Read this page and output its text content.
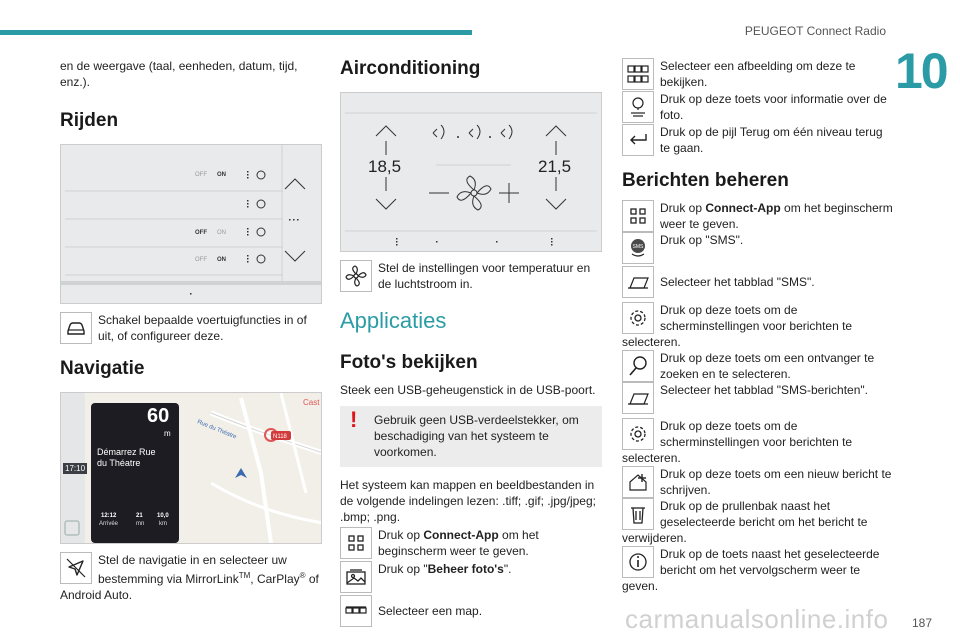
PEUGEOT Connect Radio
10
187
carmanualsonline.info

en de weergave (taal, eenheden, datum, tijd, enz.).

Rijden
OFF ON
OFF ON
OFF ON
Schakel bepaalde voertuigfuncties in of uit, of configureer deze.
Navigatie
N118
Rue du Théatre
Cast
60
m
Démarrez Rue
du Théatre
17:10
12:12
Arrivée
21
mn
10,0
km
Stel de navigatie in en selecteer uw bestemming via MirrorLink™, CarPlay® of Android Auto.
Airconditioning
18,5	21,5
Stel de instellingen voor temperatuur en de luchtstroom in.
Applicaties
Foto's bekijken

Steek een USB-geheugenstick in de USB-poort.

! Gebruik geen USB-verdeelstekker, om beschadiging van het systeem te voorkomen.

Het systeem kan mappen en beeldbestanden in de volgende indelingen lezen: .tiff; .gif; .jpg/jpeg; .bmp; .png.

Druk op Connect-App om het beginscherm weer te geven.
Druk op "Beheer foto's".
Selecteer een map.
Selecteer een afbeelding om deze te bekijken.
Druk op deze toets voor informatie over de foto.
Druk op de pijl Terug om één niveau terug te gaan.
Berichten beheren
Druk op Connect-App om het beginscherm weer te geven.
SMS Druk op "SMS".
Selecteer het tabblad "SMS".
Druk op deze toets om de scherminstellingen voor berichten te selecteren.
Druk op deze toets om een ontvanger te zoeken en te selecteren.
Selecteer het tabblad "SMS-berichten".
Druk op deze toets om de scherminstellingen voor berichten te selecteren.
Druk op deze toets om een nieuw bericht te schrijven.
Druk op de prullenbak naast het geselecteerde bericht om het bericht te verwijderen.
Druk op de toets naast het geselecteerde bericht om het vervolgscherm weer te geven.
